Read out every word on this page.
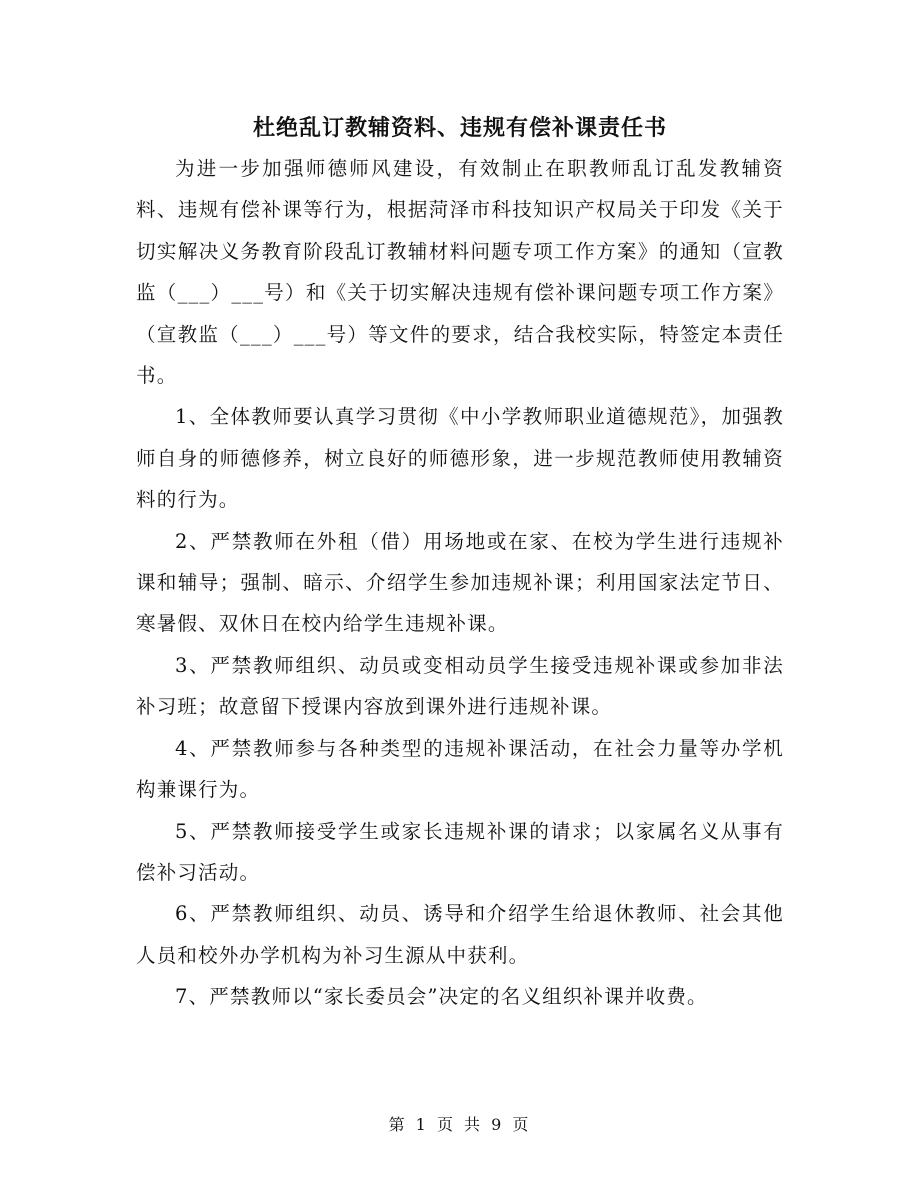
杜绝乱订教辅资料、违规有偿补课责任书

为进一步加强师德师风建设，有效制止在职教师乱订乱发教辅资料、违规有偿补课等行为，根据菏泽市科技知识产权局关于印发《关于切实解决义务教育阶段乱订教辅材料问题专项工作方案》的通知（宣教监（___）___号）和《关于切实解决违规有偿补课问题专项工作方案》（宣教监（___）___号）等文件的要求，结合我校实际，特签定本责任书。

1、全体教师要认真学习贯彻《中小学教师职业道德规范》，加强教师自身的师德修养，树立良好的师德形象，进一步规范教师使用教辅资料的行为。

2、严禁教师在外租（借）用场地或在家、在校为学生进行违规补课和辅导；强制、暗示、介绍学生参加违规补课；利用国家法定节日、寒暑假、双休日在校内给学生违规补课。

3、严禁教师组织、动员或变相动员学生接受违规补课或参加非法补习班；故意留下授课内容放到课外进行违规补课。

4、严禁教师参与各种类型的违规补课活动，在社会力量等办学机构兼课行为。

5、严禁教师接受学生或家长违规补课的请求；以家属名义从事有偿补习活动。

6、严禁教师组织、动员、诱导和介绍学生给退休教师、社会其他人员和校外办学机构为补习生源从中获利。

7、严禁教师以“家长委员会”决定的名义组织补课并收费。

第 1 页 共 9 页
